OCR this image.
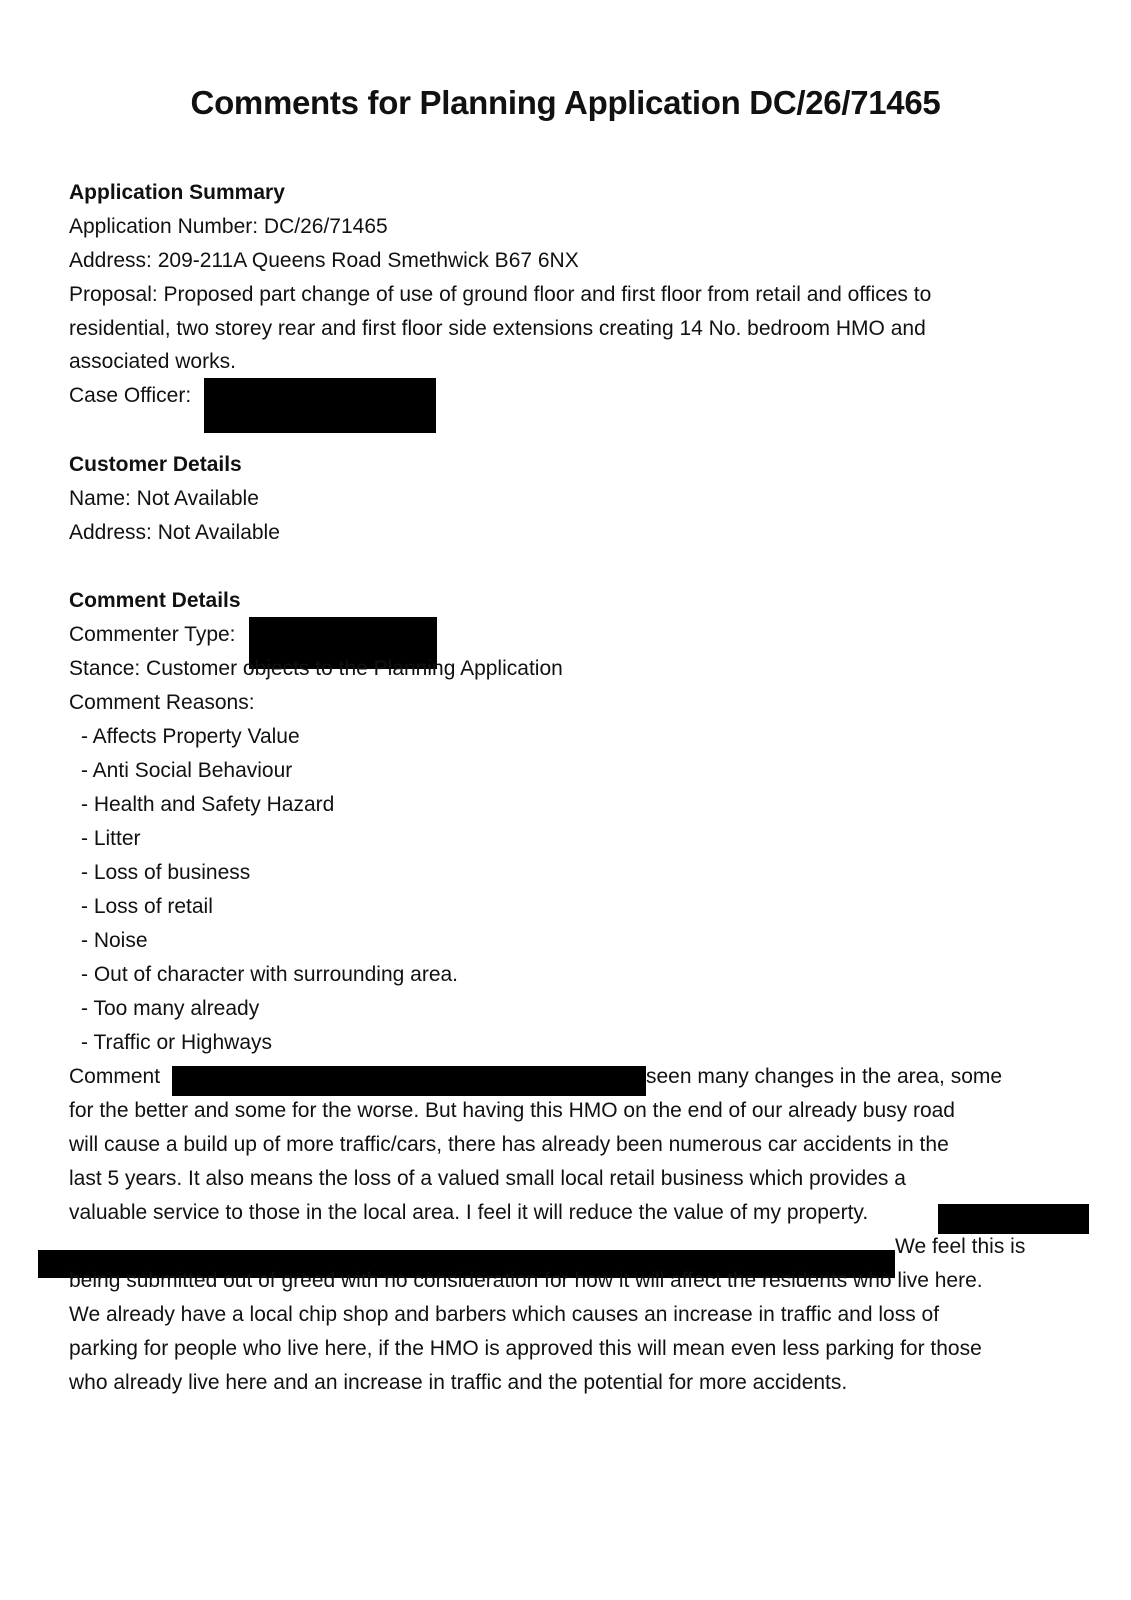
Comments for Planning Application DC/26/71465
Application Summary
Application Number: DC/26/71465
Address: 209-211A Queens Road Smethwick B67 6NX
Proposal: Proposed part change of use of ground floor and first floor from retail and offices to
residential, two storey rear and first floor side extensions creating 14 No. bedroom HMO and
associated works.
Case Officer:
Customer Details
Name: Not Available
Address: Not Available
Comment Details
Commenter Type:
Stance: Customer objects to the Planning Application
Comment Reasons:
- Affects Property Value
- Anti Social Behaviour
- Health and Safety Hazard
- Litter
- Loss of business
- Loss of retail
- Noise
- Out of character with surrounding area.
- Too many already
- Traffic or Highways
Comment	seen many changes in the area, some
for the better and some for the worse. But having this HMO on the end of our already busy road
will cause a build up of more traffic/cars, there has already been numerous car accidents in the
last 5 years. It also means the loss of a valued small local retail business which provides a
valuable service to those in the local area. I feel it will reduce the value of my property.
We feel this is
being submitted out of greed with no consideration for how it will affect the residents who live here.
We already have a local chip shop and barbers which causes an increase in traffic and loss of
parking for people who live here, if the HMO is approved this will mean even less parking for those
who already live here and an increase in traffic and the potential for more accidents.
